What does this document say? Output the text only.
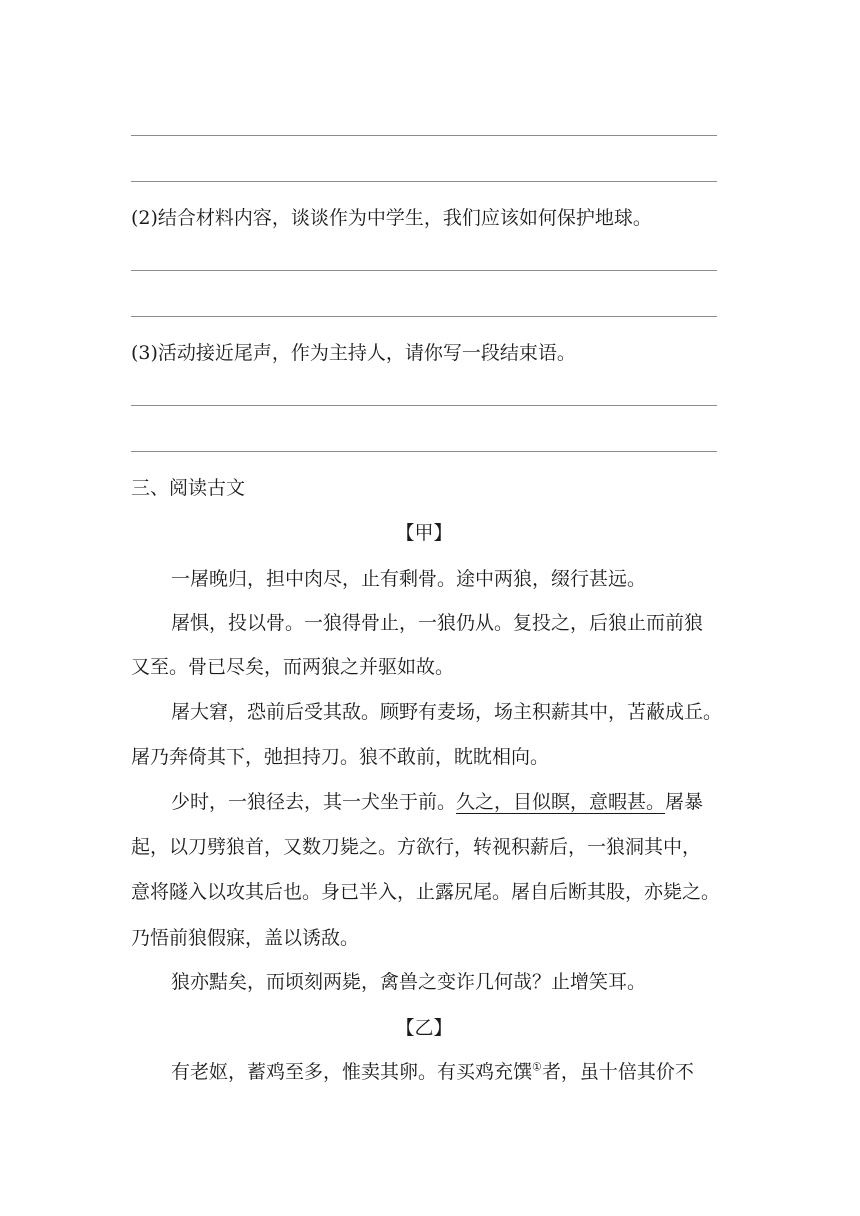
(2)结合材料内容，谈谈作为中学生，我们应该如何保护地球。
(3)活动接近尾声，作为主持人，请你写一段结束语。
三、阅读古文
【甲】
一屠晚归，担中肉尽，止有剩骨。途中两狼，缀行甚远。
屠惧，投以骨。一狼得骨止，一狼仍从。复投之，后狼止而前狼
又至。骨已尽矣，而两狼之并驱如故。
屠大窘，恐前后受其敌。顾野有麦场，场主积薪其中，苫蔽成丘。
屠乃奔倚其下，弛担持刀。狼不敢前，眈眈相向。
少时，一狼径去，其一犬坐于前。久之，目似瞑，意暇甚。屠暴
起，以刀劈狼首，又数刀毙之。方欲行，转视积薪后，一狼洞其中，
意将隧入以攻其后也。身已半入，止露尻尾。屠自后断其股，亦毙之。
乃悟前狼假寐，盖以诱敌。
狼亦黠矣，而顷刻两毙，禽兽之变诈几何哉？止增笑耳。
【乙】
有老妪，蓄鸡至多，惟卖其卵。有买鸡充馔①者，虽十倍其价不
